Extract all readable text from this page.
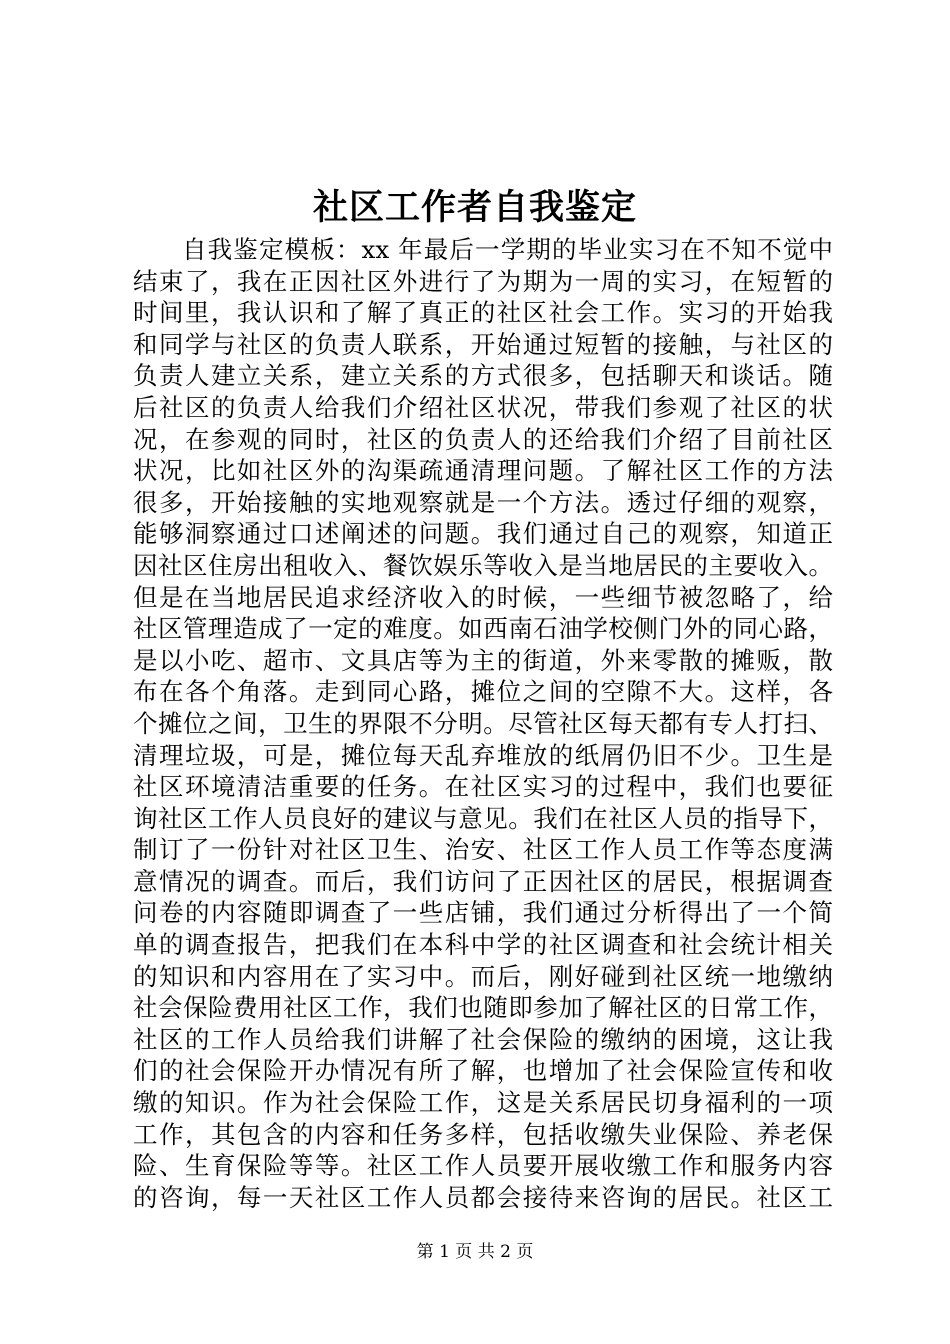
社区工作者自我鉴定
自我鉴定模板：xx 年最后一学期的毕业实习在不知不觉中
结束了，我在正因社区外进行了为期为一周的实习，在短暂的
时间里，我认识和了解了真正的社区社会工作。实习的开始我
和同学与社区的负责人联系，开始通过短暂的接触，与社区的
负责人建立关系，建立关系的方式很多，包括聊天和谈话。随
后社区的负责人给我们介绍社区状况，带我们参观了社区的状
况，在参观的同时，社区的负责人的还给我们介绍了目前社区
状况，比如社区外的沟渠疏通清理问题。了解社区工作的方法
很多，开始接触的实地观察就是一个方法。透过仔细的观察，
能够洞察通过口述阐述的问题。我们通过自己的观察，知道正
因社区住房出租收入、餐饮娱乐等收入是当地居民的主要收入。
但是在当地居民追求经济收入的时候，一些细节被忽略了，给
社区管理造成了一定的难度。如西南石油学校侧门外的同心路，
是以小吃、超市、文具店等为主的街道，外来零散的摊贩，散
布在各个角落。走到同心路，摊位之间的空隙不大。这样，各
个摊位之间，卫生的界限不分明。尽管社区每天都有专人打扫、
清理垃圾，可是，摊位每天乱弃堆放的纸屑仍旧不少。卫生是
社区环境清洁重要的任务。在社区实习的过程中，我们也要征
询社区工作人员良好的建议与意见。我们在社区人员的指导下，
制订了一份针对社区卫生、治安、社区工作人员工作等态度满
意情况的调查。而后，我们访问了正因社区的居民，根据调查
问卷的内容随即调查了一些店铺，我们通过分析得出了一个简
单的调查报告，把我们在本科中学的社区调查和社会统计相关
的知识和内容用在了实习中。而后，刚好碰到社区统一地缴纳
社会保险费用社区工作，我们也随即参加了解社区的日常工作，
社区的工作人员给我们讲解了社会保险的缴纳的困境，这让我
们的社会保险开办情况有所了解，也增加了社会保险宣传和收
缴的知识。作为社会保险工作，这是关系居民切身福利的一项
工作，其包含的内容和任务多样，包括收缴失业保险、养老保
险、生育保险等等。社区工作人员要开展收缴工作和服务内容
的咨询，每一天社区工作人员都会接待来咨询的居民。社区工
第 1 页 共 2 页
